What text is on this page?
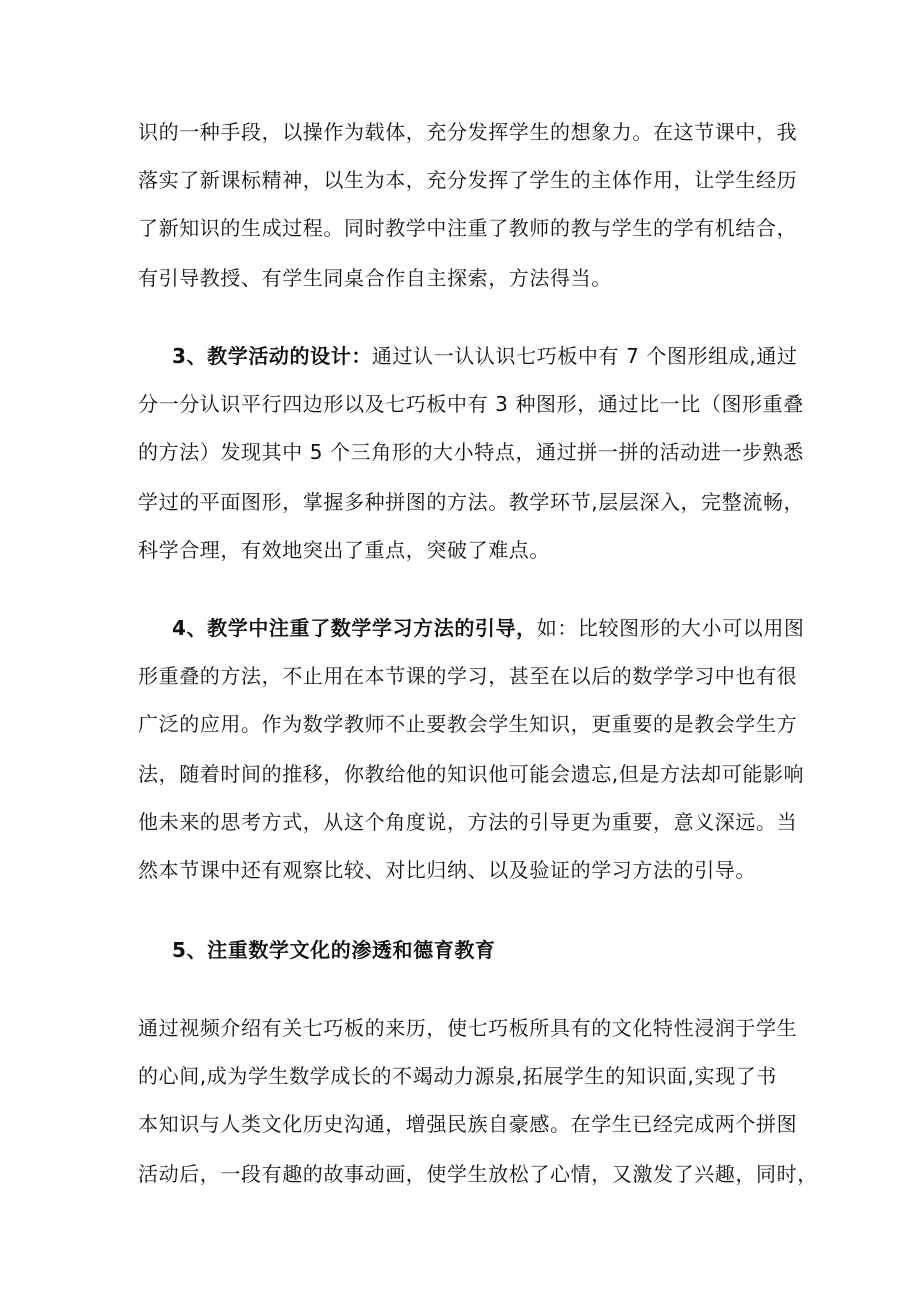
识的一种手段，以操作为载体，充分发挥学生的想象力。在这节课中，我
落实了新课标精神，以生为本，充分发挥了学生的主体作用，让学生经历
了新知识的生成过程。同时教学中注重了教师的教与学生的学有机结合，
有引导教授、有学生同桌合作自主探索，方法得当。
3、教学活动的设计：通过认一认认识七巧板中有 7 个图形组成,通过
分一分认识平行四边形以及七巧板中有 3 种图形，通过比一比（图形重叠
的方法）发现其中 5 个三角形的大小特点，通过拼一拼的活动进一步熟悉
学过的平面图形，掌握多种拼图的方法。教学环节,层层深入，完整流畅，
科学合理，有效地突出了重点，突破了难点。
4、教学中注重了数学学习方法的引导，如：比较图形的大小可以用图
形重叠的方法，不止用在本节课的学习，甚至在以后的数学学习中也有很
广泛的应用。作为数学教师不止要教会学生知识，更重要的是教会学生方
法，随着时间的推移，你教给他的知识他可能会遗忘,但是方法却可能影响
他未来的思考方式，从这个角度说，方法的引导更为重要，意义深远。当
然本节课中还有观察比较、对比归纳、以及验证的学习方法的引导。
5、注重数学文化的渗透和德育教育
通过视频介绍有关七巧板的来历，使七巧板所具有的文化特性浸润于学生
的心间,成为学生数学成长的不竭动力源泉,拓展学生的知识面,实现了书
本知识与人类文化历史沟通，增强民族自豪感。在学生已经完成两个拼图
活动后，一段有趣的故事动画，使学生放松了心情，又激发了兴趣，同时，
